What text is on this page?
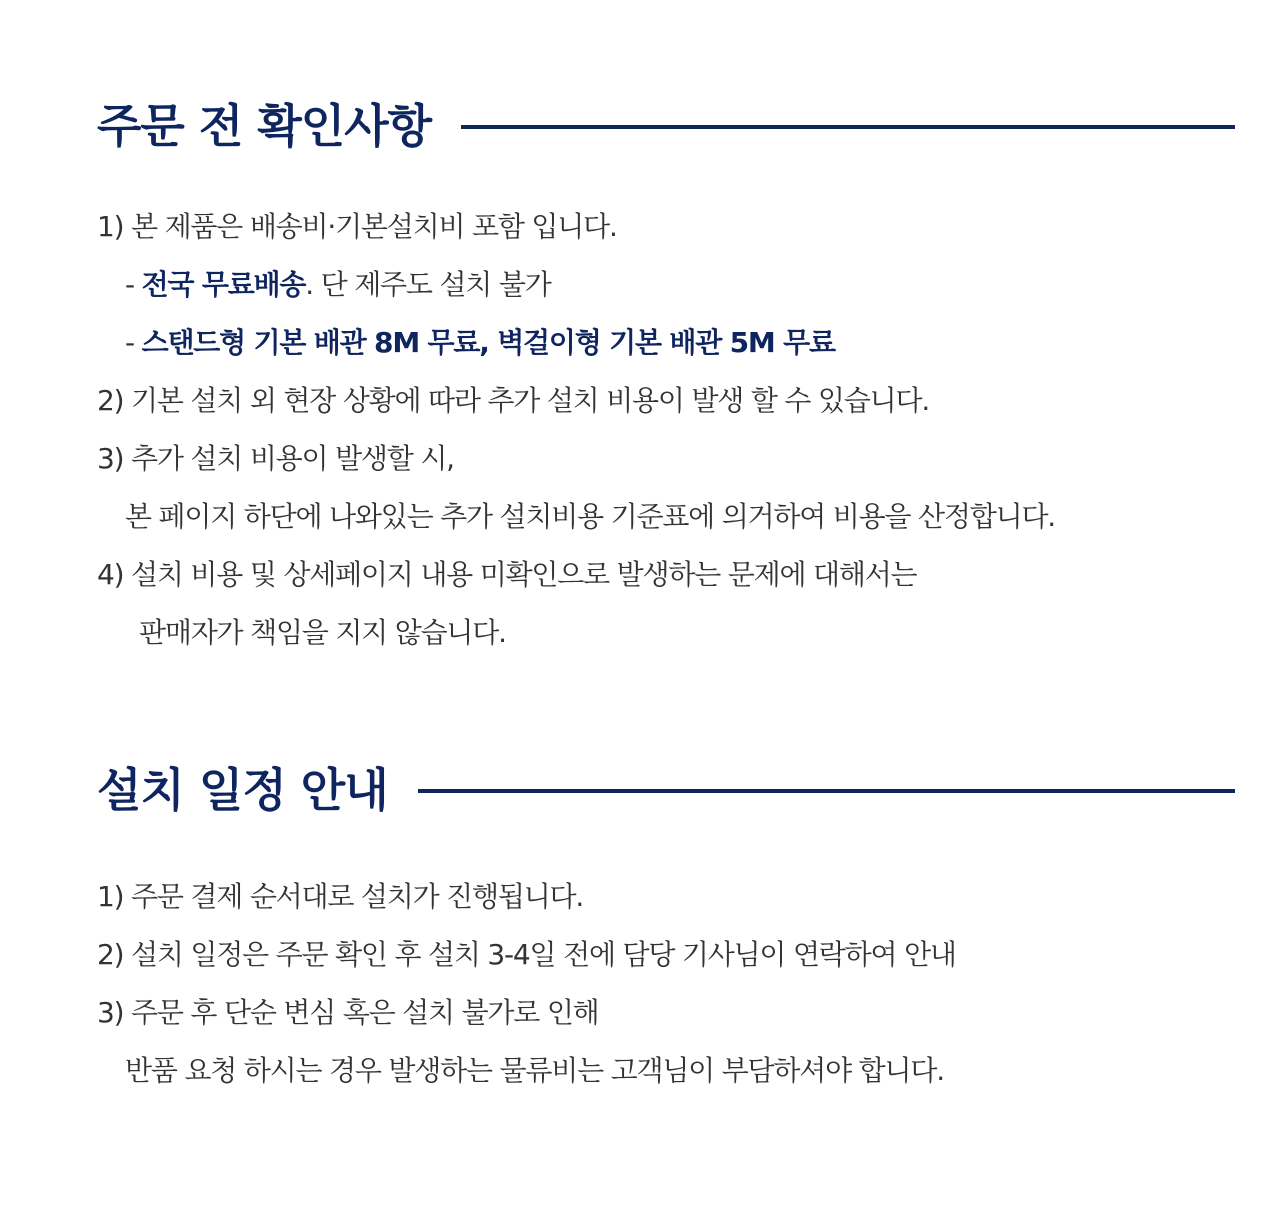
주문 전 확인사항
1) 본 제품은 배송비·기본설치비 포함 입니다.
- 전국 무료배송. 단 제주도 설치 불가
- 스탠드형 기본 배관 8M 무료, 벽걸이형 기본 배관 5M 무료
2) 기본 설치 외 현장 상황에 따라 추가 설치 비용이 발생 할 수 있습니다.
3) 추가 설치 비용이 발생할 시,
본 페이지 하단에 나와있는 추가 설치비용 기준표에 의거하여 비용을 산정합니다.
4) 설치 비용 및 상세페이지 내용 미확인으로 발생하는 문제에 대해서는
판매자가 책임을 지지 않습니다.
설치 일정 안내
1) 주문 결제 순서대로 설치가 진행됩니다.
2) 설치 일정은 주문 확인 후 설치 3-4일 전에 담당 기사님이 연락하여 안내
3) 주문 후 단순 변심 혹은 설치 불가로 인해
반품 요청 하시는 경우 발생하는 물류비는 고객님이 부담하셔야 합니다.
